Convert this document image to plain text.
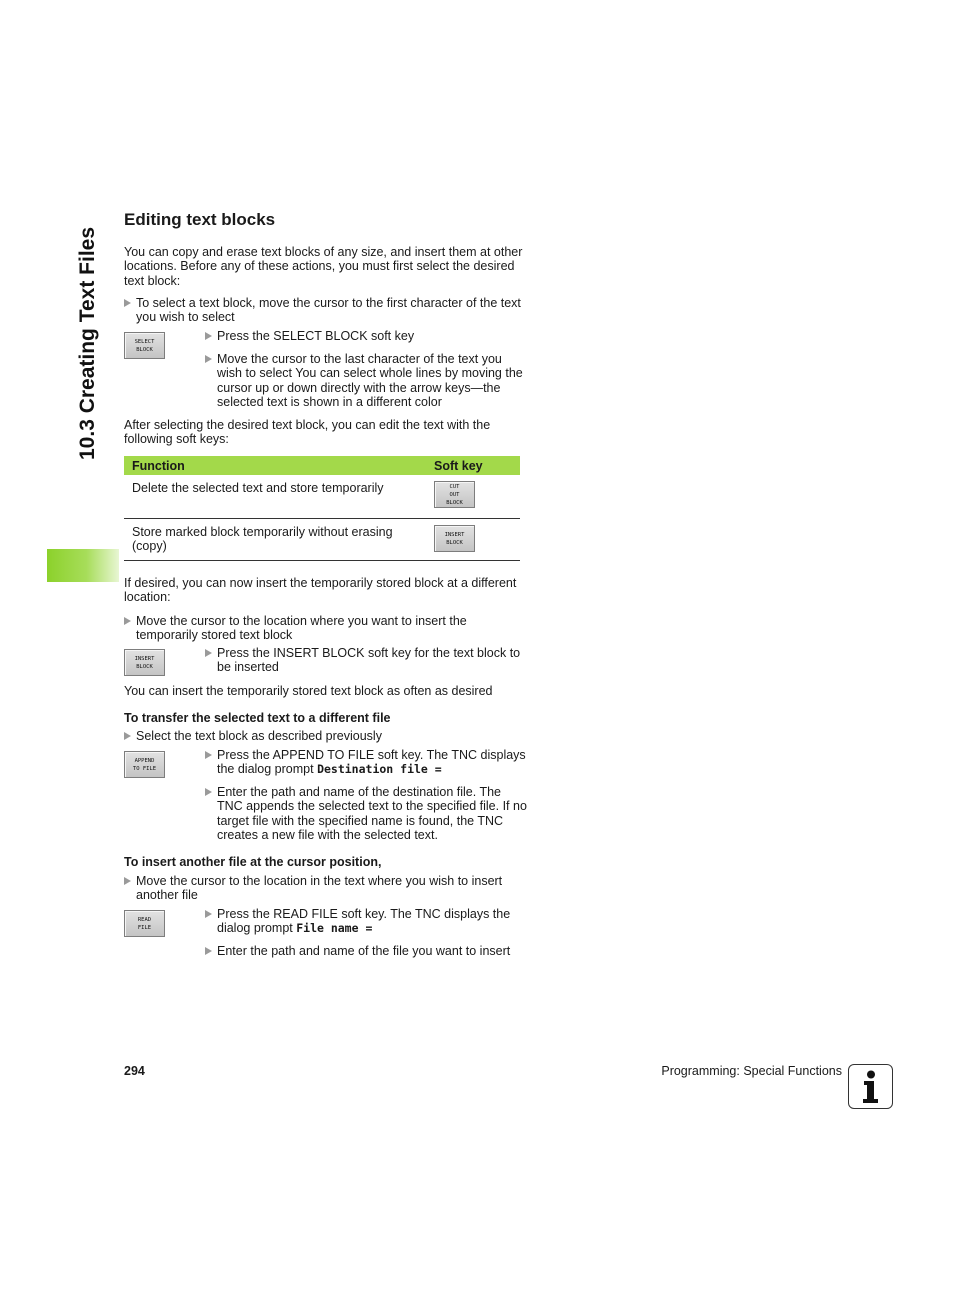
10.3 Creating Text Files
Editing text blocks
You can copy and erase text blocks of any size, and insert them at other locations. Before any of these actions, you must first select the desired text block:
To select a text block, move the cursor to the first character of the text you wish to select
SELECT
BLOCK
Press the SELECT BLOCK soft key
Move the cursor to the last character of the text you wish to select You can select whole lines by moving the cursor up or down directly with the arrow keys—the selected text is shown in a different color
After selecting the desired text block, you can edit the text with the following soft keys:
Function	Soft key
Delete the selected text and store temporarily	CUT
OUT
BLOCK

Store marked block temporarily without erasing (copy)	INSERT
BLOCK
If desired, you can now insert the temporarily stored block at a different location:
Move the cursor to the location where you want to insert the temporarily stored text block
INSERT
BLOCK
Press the INSERT BLOCK soft key for the text block to be inserted
You can insert the temporarily stored text block as often as desired
To transfer the selected text to a different file
Select the text block as described previously
APPEND
TO FILE
Press the APPEND TO FILE soft key. The TNC displays the dialog prompt Destination file =
Enter the path and name of the destination file. The TNC appends the selected text to the specified file. If no target file with the specified name is found, the TNC creates a new file with the selected text.
To insert another file at the cursor position,
Move the cursor to the location in the text where you wish to insert another file
READ
FILE
Press the READ FILE soft key. The TNC displays the dialog prompt File name =
Enter the path and name of the file you want to insert
294	Programming: Special Functions
